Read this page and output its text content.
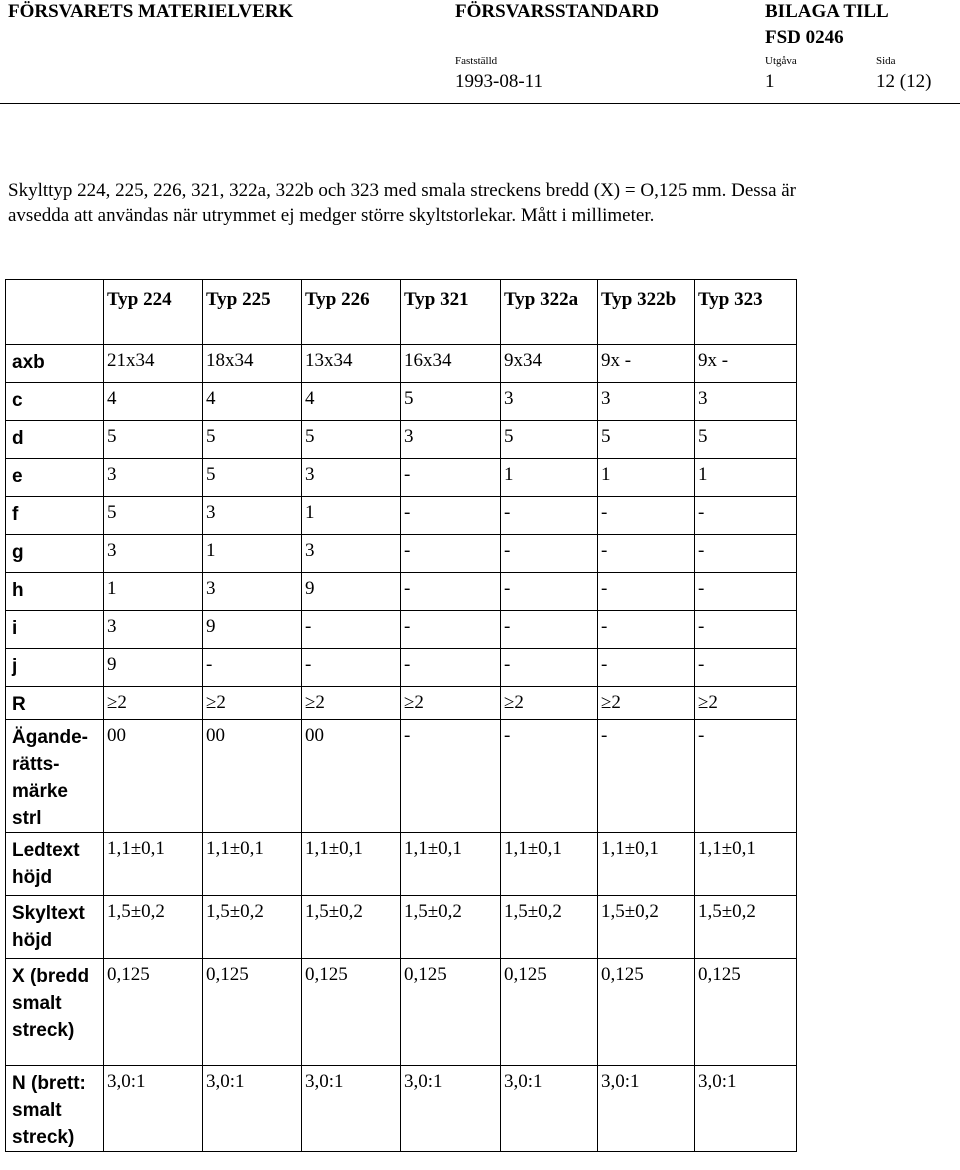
FÖRSVARETS MATERIELVERK	FÖRSVARSSTANDARD	BILAGA TILL
FSD 0246
Fastställd	Utgåva	Sida
1993-08-11	1	12 (12)
Skylttyp 224, 225, 226, 321, 322a, 322b och 323 med smala streckens bredd (X) = O,125 mm. Dessa är avsedda att användas när utrymmet ej medger större skyltstorlekar. Mått i millimeter.

	Typ 224	Typ 225	Typ 226	Typ 321	Typ 322a	Typ 322b	Typ 323

axb	21x34	18x34	13x34	16x34	9x34	9x -	9x -

c	4	4	4	5	3	3	3

d	5	5	5	3	5	5	5

e	3	5	3	-	1	1	1

f	5	3	1	-	-	-	-

g	3	1	3	-	-	-	-

h	1	3	9	-	-	-	-

i	3	9	-	-	-	-	-

j	9	-	-	-	-	-	-

R	≥2	≥2	≥2	≥2	≥2	≥2	≥2

Ägande-rätts-märke strl	00	00	00	-	-	-	-

Ledtext höjd	1,1±0,1	1,1±0,1	1,1±0,1	1,1±0,1	1,1±0,1	1,1±0,1	1,1±0,1

Skyltext höjd	1,5±0,2	1,5±0,2	1,5±0,2	1,5±0,2	1,5±0,2	1,5±0,2	1,5±0,2

X (bredd smalt streck)	0,125	0,125	0,125	0,125	0,125	0,125	0,125

N (brett: smalt streck)	3,0:1	3,0:1	3,0:1	3,0:1	3,0:1	3,0:1	3,0:1
